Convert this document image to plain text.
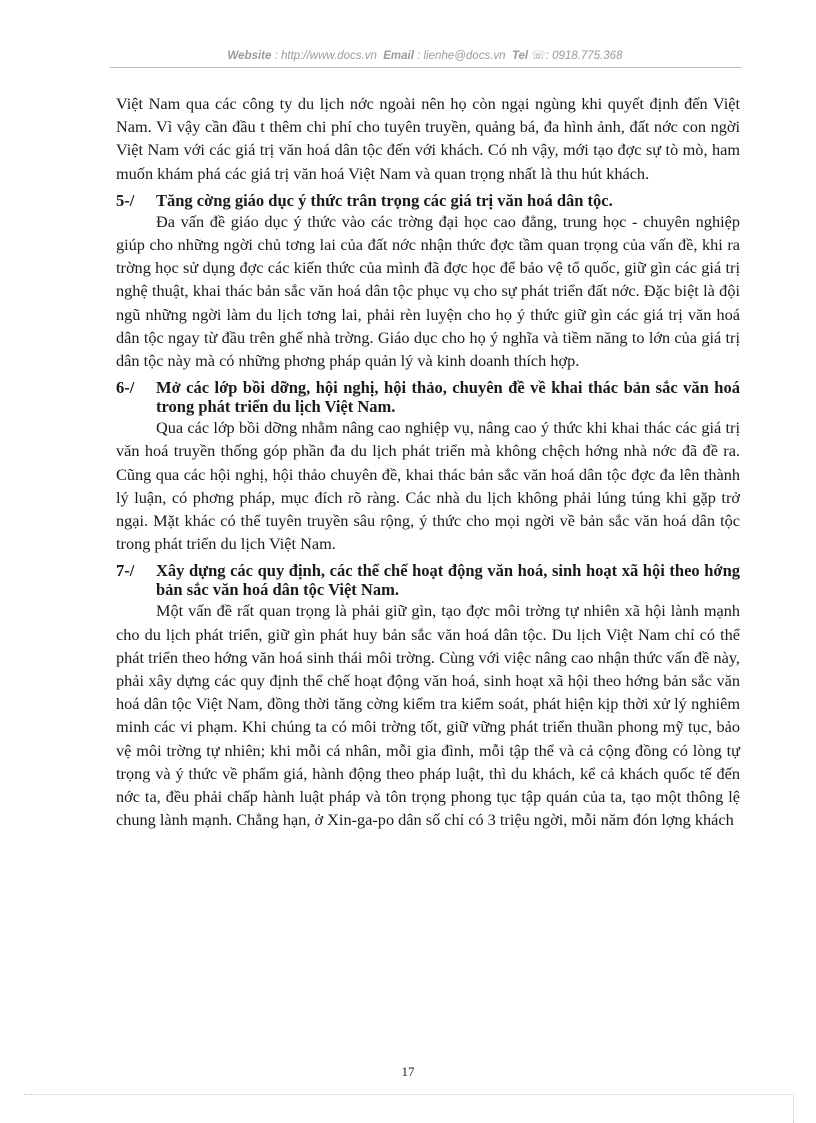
Website : http://www.docs.vn Email : lienhe@docs.vn Tel ☏: 0918.775.368

Việt Nam qua các công ty du lịch nớc ngoài nên họ còn ngại ngùng khi quyết định đến Việt Nam. Vì vậy cần đầu t thêm chi phí cho tuyên truyền, quảng bá, đa hình ảnh, đất nớc con ngời Việt Nam với các giá trị văn hoá dân tộc đến với khách. Có nh vậy, mới tạo đợc sự tò mò, ham muốn khám phá các giá trị văn hoá Việt Nam và quan trọng nhất là thu hút khách.

5-/	Tăng cờng giáo dục ý thức trân trọng các giá trị văn hoá dân tộc.

Đa vấn đề giáo dục ý thức vào các trờng đại học cao đẳng, trung học - chuyên nghiệp giúp cho những ngời chủ tơng lai của đất nớc nhận thức đợc tầm quan trọng của vấn đề, khi ra trờng học sử dụng đợc các kiến thức của mình đã đợc học để bảo vệ tổ quốc, giữ gìn các giá trị nghệ thuật, khai thác bản sắc văn hoá dân tộc phục vụ cho sự phát triển đất nớc. Đặc biệt là đội ngũ những ngời làm du lịch tơng lai, phải rèn luyện cho họ ý thức giữ gìn các giá trị văn hoá dân tộc ngay từ đầu trên ghế nhà trờng. Giáo dục cho họ ý nghĩa và tiềm năng to lớn của giá trị dân tộc này mà có những phơng pháp quản lý và kinh doanh thích hợp.

6-/	Mở các lớp bồi dỡng, hội nghị, hội thảo, chuyên đề về khai thác bản sắc văn hoá trong phát triển du lịch Việt Nam.

Qua các lớp bồi dỡng nhằm nâng cao nghiệp vụ, nâng cao ý thức khi khai thác các giá trị văn hoá truyền thống góp phần đa du lịch phát triển mà không chệch hớng nhà nớc đã đề ra. Cũng qua các hội nghị, hội thảo chuyên đề, khai thác bản sắc văn hoá dân tộc đợc đa lên thành lý luận, có phơng pháp, mục đích rõ ràng. Các nhà du lịch không phải lúng túng khi gặp trở ngại. Mặt khác có thể tuyên truyền sâu rộng, ý thức cho mọi ngời về bản sắc văn hoá dân tộc trong phát triển du lịch Việt Nam.

7-/	Xây dựng các quy định, các thể chế hoạt động văn hoá, sinh hoạt xã hội theo hớng bản sắc văn hoá dân tộc Việt Nam.

Một vấn đề rất quan trọng là phải giữ gìn, tạo đợc môi trờng tự nhiên xã hội lành mạnh cho du lịch phát triển, giữ gìn phát huy bản sắc văn hoá dân tộc. Du lịch Việt Nam chỉ có thể phát triển theo hớng văn hoá sinh thái môi trờng. Cùng với việc nâng cao nhận thức vấn đề này, phải xây dựng các quy định thể chế hoạt động văn hoá, sinh hoạt xã hội theo hớng bản sắc văn hoá dân tộc Việt Nam, đồng thời tăng cờng kiểm tra kiểm soát, phát hiện kịp thời xử lý nghiêm minh các vi phạm. Khi chúng ta có môi trờng tốt, giữ vững phát triển thuần phong mỹ tục, bảo vệ môi trờng tự nhiên; khi mỗi cá nhân, mỗi gia đình, mỗi tập thể và cả cộng đồng có lòng tự trọng và ý thức về phẩm giá, hành động theo pháp luật, thì du khách, kể cả khách quốc tế đến nớc ta, đều phải chấp hành luật pháp và tôn trọng phong tục tập quán của ta, tạo một thông lệ chung lành mạnh. Chẳng hạn, ở Xin-ga-po dân số chỉ có 3 triệu ngời, mỗi năm đón lợng khách

17
